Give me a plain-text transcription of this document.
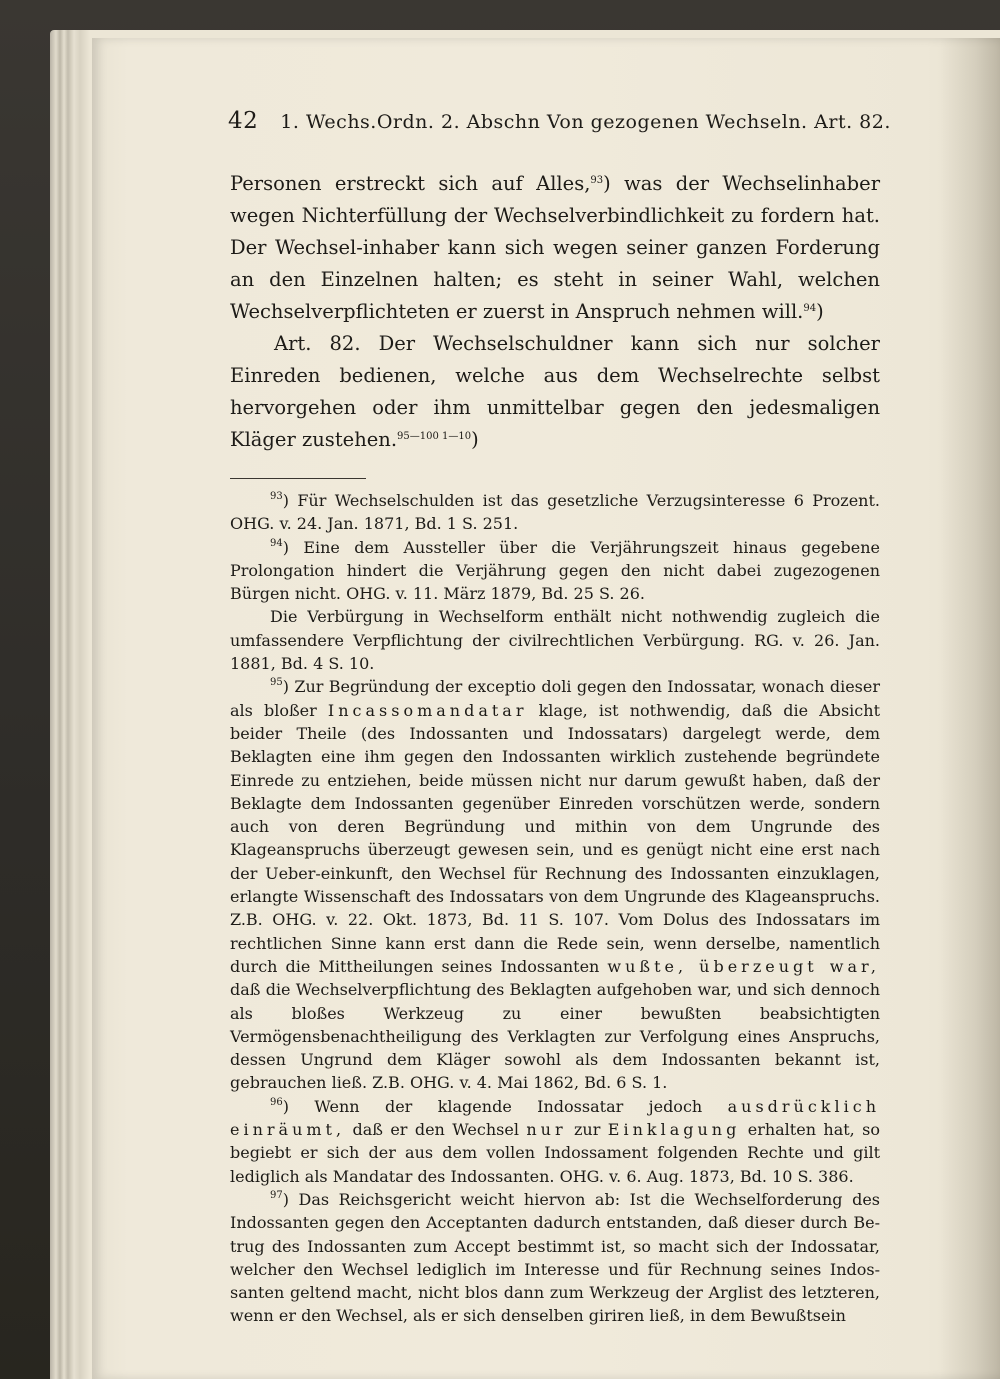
42 1. Wechs.Ordn. 2. Abschn Von gezogenen Wechseln. Art. 82.

Personen erstreckt sich auf Alles,$^{93}$) was der Wechselinhaber wegen Nichterfüllung der Wechselverbindlichkeit zu fordern hat. Der Wechsel-inhaber kann sich wegen seiner ganzen Forderung an den Einzelnen halten; es steht in seiner Wahl, welchen Wechselverpflichteten er zuerst in Anspruch nehmen will.$^{94}$)

Art. 82. Der Wechselschuldner kann sich nur solcher Einreden bedienen, welche aus dem Wechselrechte selbst hervorgehen oder ihm unmittelbar gegen den jedesmaligen Kläger zustehen.$^{95—100 1—10}$)

$^{93}$) Für Wechselschulden ist das gesetzliche Verzugsinteresse 6 Prozent. OHG. v. 24. Jan. 1871, Bd. 1 S. 251.

$^{94}$) Eine dem Aussteller über die Verjährungszeit hinaus gegebene Prolongation hindert die Verjährung gegen den nicht dabei zugezogenen Bürgen nicht. OHG. v. 11. März 1879, Bd. 25 S. 26.

Die Verbürgung in Wechselform enthält nicht nothwendig zugleich die umfassendere Verpflichtung der civilrechtlichen Verbürgung. RG. v. 26. Jan. 1881, Bd. 4 S. 10.

$^{95}$) Zur Begründung der exceptio doli gegen den Indossatar, wonach dieser als bloßer Incassomandatar klage, ist nothwendig, daß die Absicht beider Theile (des Indossanten und Indossatars) dargelegt werde, dem Beklagten eine ihm gegen den Indossanten wirklich zustehende begründete Einrede zu entziehen, beide müssen nicht nur darum gewußt haben, daß der Beklagte dem Indossanten gegenüber Einreden vorschützen werde, sondern auch von deren Begründung und mithin von dem Ungrunde des Klageanspruchs überzeugt gewesen sein, und es genügt nicht eine erst nach der Ueber-einkunft, den Wechsel für Rechnung des Indossanten einzuklagen, erlangte Wissenschaft des Indossatars von dem Ungrunde des Klageanspruchs. Z.B. OHG. v. 22. Okt. 1873, Bd. 11 S. 107. Vom Dolus des Indossatars im rechtlichen Sinne kann erst dann die Rede sein, wenn derselbe, namentlich durch die Mittheilungen seines Indossanten wußte, überzeugt war, daß die Wechselverpflichtung des Beklagten aufgehoben war, und sich dennoch als bloßes Werkzeug zu einer bewußten beabsichtigten Vermögensbenachtheiligung des Verklagten zur Verfolgung eines Anspruchs, dessen Ungrund dem Kläger sowohl als dem Indossanten bekannt ist, gebrauchen ließ. Z.B. OHG. v. 4. Mai 1862, Bd. 6 S. 1.

$^{96}$) Wenn der klagende Indossatar jedoch ausdrücklich einräumt, daß er den Wechsel nur zur Einklagung erhalten hat, so begiebt er sich der aus dem vollen Indossament folgenden Rechte und gilt lediglich als Mandatar des Indossanten. OHG. v. 6. Aug. 1873, Bd. 10 S. 386.

$^{97}$) Das Reichsgericht weicht hiervon ab: Ist die Wechselforderung des Indossanten gegen den Acceptanten dadurch entstanden, daß dieser durch Be-trug des Indossanten zum Accept bestimmt ist, so macht sich der Indossatar, welcher den Wechsel lediglich im Interesse und für Rechnung seines Indos-santen geltend macht, nicht blos dann zum Werkzeug der Arglist des letzteren, wenn er den Wechsel, als er sich denselben giriren ließ, in dem Bewußtsein
